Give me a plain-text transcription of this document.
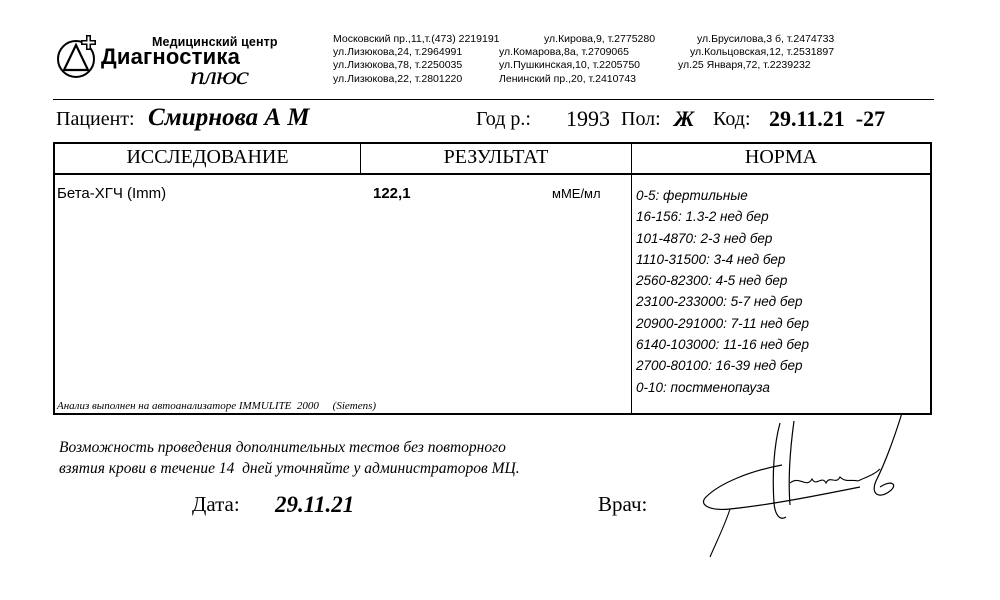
Медицинский центр
Диагностика
плюс
Московский пр.,11,т.(473) 2219191	ул.Кирова,9, т.2775280	ул.Брусилова,3 б, т.2474733
ул.Лизюкова,24, т.2964991	ул.Комарова,8а, т.2709065	ул.Кольцовская,12, т.2531897
ул.Лизюкова,78, т.2250035	ул.Пушкинская,10, т.2205750	ул.25 Января,72, т.2239232
ул.Лизюкова,22, т.2801220	Ленинский пр.,20, т.2410743
Пациент: Смирнова А М	Год р.: 1993 Пол: Ж Код: 29.11.21  -27
ИССЛЕДОВАНИЕ	РЕЗУЛЬТАТ	НОРМА
Бета-ХГЧ (Imm)	122,1	мМЕ/мл	0-5: фертильные
16-156: 1.3-2 нед бер
101-4870: 2-3 нед бер
1110-31500: 3-4 нед бер
2560-82300: 4-5 нед бер
23100-233000: 5-7 нед бер
20900-291000: 7-11 нед бер
6140-103000: 11-16 нед бер
2700-80100: 16-39 нед бер
0-10: постменопауза
Анализ выполнен на автоанализаторе IMMULITE  2000     (Siemens)
Возможность проведения дополнительных тестов без повторного
взятия крови в течение 14  дней уточняйте у администраторов МЦ.
Дата: 29.11.21	Врач:
